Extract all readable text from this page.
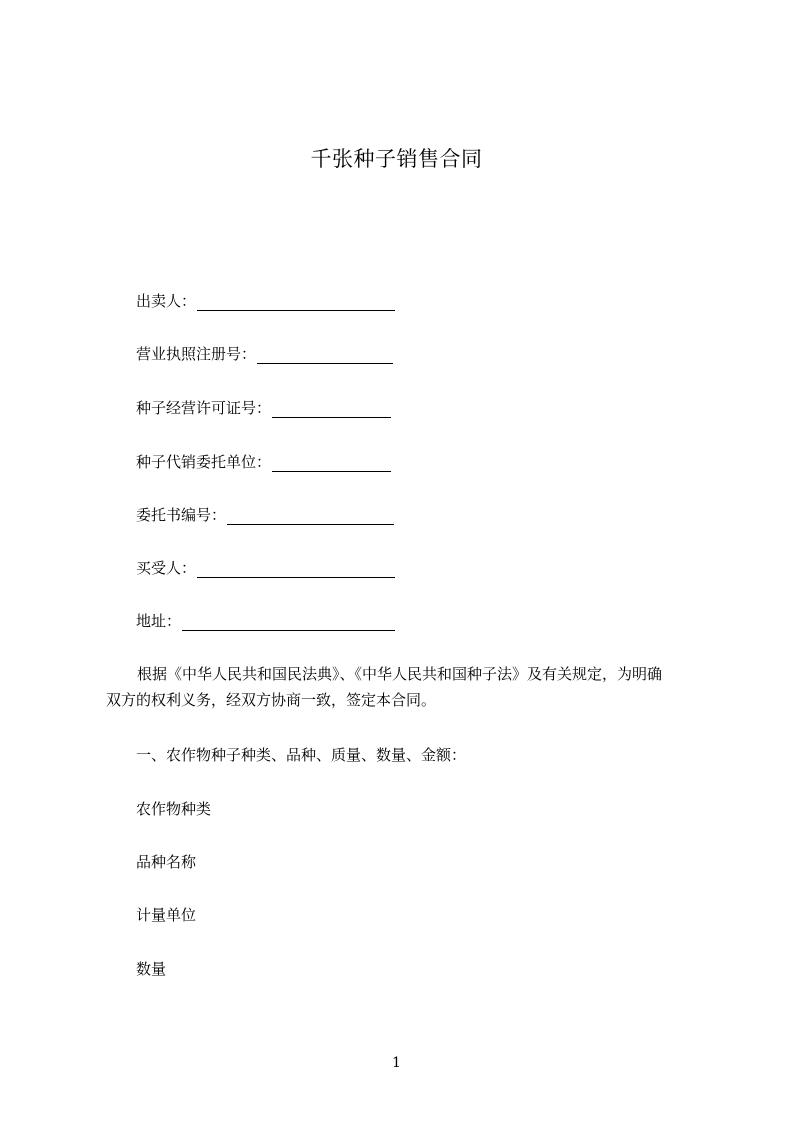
千张种子销售合同
出卖人：
营业执照注册号：
种子经营许可证号：
种子代销委托单位：
委托书编号：
买受人：
地址：
根据《中华人民共和国民法典》、《中华人民共和国种子法》及有关规定，为明确
双方的权利义务，经双方协商一致，签定本合同。
一、农作物种子种类、品种、质量、数量、金额：
农作物种类
品种名称
计量单位
数量
1
